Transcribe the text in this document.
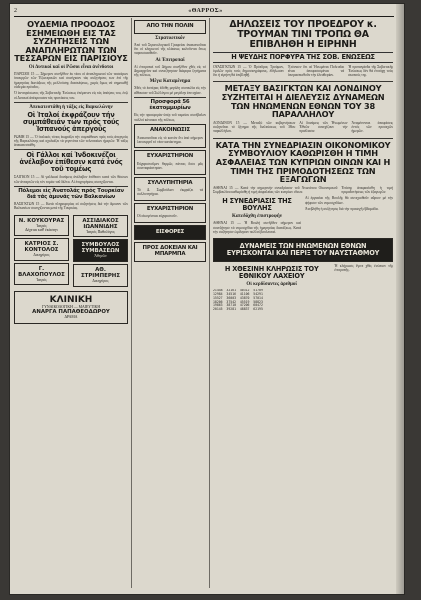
2	«ΘΑΡΡΟΣ»
ΟΥΔΕΜΙΑ ΠΡΟΟΔΟΣ ΕΣΗΜΕΙΩΘΗ ΕΙΣ ΤΑΣ ΣΥΖΗΤΗΣΕΙΣ ΤΩΝ ΑΝΑΠΛΗΡΩΤΩΝ ΤΩΝ ΤΕΣΣΑΡΩΝ ΕΙΣ ΠΑΡΙΣΙΟΥΣ
Οἱ Δυτικοί καί οἱ Ρῶσοι εἶναι ἀνένδοτοι

ΠΑΡΙΣΙΟΙ 15 — Σήμερον συνῆλθον ἐκ νέου οἱ ἀναπληρωταί τῶν τεσσάρων ὑπουργῶν τῶν Ἐξωτερικῶν καί συνέχισαν τάς συζητήσεις των ἐπί τῆς ἡμερησίας διατάξεως τῆς μελλούσης διασκέψεως, χωρίς ὅμως νά σημειωθῇ οὐδεμία πρόοδος.

Ὁ ἀντιπρόσωπος τῆς Σοβιετικῆς Ἑνώσεως ἐπέμεινεν εἰς τάς ἀπόψεις του, ἐνῷ οἱ Δυτικοί ἀπέκρουσαν τάς προτάσεις του.

Ἀπεκατεστάθη ἡ τάξις εἰς Βαρκελώνην
Οἱ Ἰταλοί ἐκφράζουν τήν συμπάθειάν των πρός τούς Ἰσπανούς ἀπεργούς

ΡΩΜΗ 15 — Ὁ ἰταλικός τύπος ἐκφράζει τήν συμπάθειαν πρός τούς ἀπεργούς τῆς Βαρκελώνης καί σχολιάζει τά γεγονότα τῶν τελευταίων ἡμερῶν. Ἡ τάξις ἀπεκατεστάθη.

Οἱ Γάλλοι καί Ἰνδοκινέζοι ἀνέλαβον ἐπίθεσιν κατά ἑνός τοῦ τομέως

ΣΑΙΓΚΟΝ 15 — Αἱ γαλλικαί δυνάμεις ἀνέλαβον ἐπίθεσιν κατά τῶν θέσεων τῶν ἀνταρτῶν εἰς τόν τομέα τοῦ δέλτα. Αἱ ἐπιχειρήσεις συνεχίζονται.

Πόλεμοι εἰς Ἀνατολάς πρός Τουρκίαν διά τάς ἀμυνάς τῶν Βαλκανίων

ΒΑΣΙΓΚΤΩΝ 15 — Κατά πληροφορίας αἱ συζητήσεις διά τήν ἄμυναν τῶν Βαλκανίων συνεχίζονται μετά τῆς Τουρκίας.

Ν. ΚΟΥΚΟΥΡΑΣ
Ἰατρός
Δέχεται καθ' ἑκάστην
ΚΑΤΡΙΟΣ Σ. ΚΟΝΤΟΛΟΣ
Δικηγόρος
Γ. ΒΛΑΧΟΠΟΥΛΟΣ
Ἰατρός
ΑΣΣΙΔΙΑΚΟΣ ΙΩΑΝΝΙΔΗΣ
Ἰατρός Παθολόγος
ΣΥΜΒΟΥΛΟΣ ΣΥΜΒΑΣΕΩΝ
Ἀθηνῶν
ΑΘ. ΣΤΡΙΜΠΕΡΗΣ
Δικηγόρος
ΚΛΙΝΙΚΗ
ΓΥΝΑΙΚΟΛΟΓΙΚΗ — ΜΑΙΕΥΤΙΚΗ
ΑΝΑΡΓΑ ΠΑΠΑΘΕΟΔΩΡΟΥ
ΔΡΑΜΑ
ΑΠΟ ΤΗΝ ΠΟΛΙΝ
Στρατιωτικόν

Ἀπό τοῦ Στρατολογικοῦ Γραφείου ἀνακοινοῦται ὅτι οἱ κληρωτοί τῆς κλάσεως καλοῦνται ὅπως παρουσιασθοῦν.

Αἱ Ἐπιτροπαί

Αἱ ἐπιτροπαί τοῦ Δήμου συνῆλθον χθές εἰς τό Δημαρχεῖον καί συνεζήτησαν διάφορα ζητήματα τῆς πόλεως.

Μέγα Καταμένημα

Χθές τό ἑσπέρας ἐδόθη μεγάλη συναυλία εἰς τήν αἴθουσαν τοῦ Συλλόγου μέ μεγάλην ἐπιτυχίαν.

Προσφορά 56 ἐκατομμυρίων

Εἰς τήν προσφοράν ὑπέρ τοῦ ταμείου συνέβαλον πολλοί κάτοικοι τῆς πόλεως.

ΑΝΑΚΟΙΝΩΣΙΣ

Ἀνακοινοῦται εἰς τό κοινόν ὅτι ἀπό σήμερον λειτουργεῖ τό νέον κατάστημα.

ΕΥΧΑΡΙΣΤΗΡΙΟΝ

Εὐχαριστοῦμεν θερμῶς πάντας ὅσοι μᾶς συνεπαράστησαν.

ΣΥΛΛΥΠΗΤΗΡΙΑ

Τό Δ. Συμβούλιον ἐκφράζει τά συλλυπητήρια.

ΕΥΧΑΡΙΣΤΗΡΙΟΝ

Οἱ οἰκογένειαι εὐχαριστοῦν.

ΕΙΣΦΟΡΕΣ
ΠΡΟΣ ΔΟΚΕΙΑΝ ΚΑΙ ΜΠΑΡΜΠΑ
ΔΗΛΩΣΕΙΣ ΤΟΥ ΠΡΟΕΔΡΟΥ κ. ΤΡΟΥΜΑΝ ΤΙΝΙ ΤΡΟΠΩ ΘΑ ΕΠΙΒΛΗΘΗ Η ΕΙΡΗΝΗ
Η ΨΕΥΔΗΣ ΠΟΡΦΥΡΑ ΤΗΣ ΣΟΒ. ΕΝΩΣΕΩΣ

ΟΥΑΣΙΓΚΤΩΝ 15 — Ὁ Πρόεδρος Τρούμαν, ὁμιλῶν πρός τούς δημοσιογράφους, ἐδήλωσεν ὅτι ἡ εἰρήνη θά ἐπιβληθῇ.

Ἐτόνισεν ὅτι αἱ Ἡνωμέναι Πολιτεῖαι εἶναι ἀποφασισμέναι νά ὑπερασπισθοῦν τήν ἐλευθερίαν.

Ἡ προπαγάνδα τῆς Σοβιετικῆς Ἑνώσεως δέν θά ἐπιτύχῃ τούς σκοπούς της.

ΜΕΤΑΞΥ ΒΑΣΙΓΚΤΩΝ ΚΑΙ ΛΟΝΔΙΝΟΥ ΣΥΖΗΤΕΙΤΑΙ Η ΔΙΕΛΕΥΣΙΣ ΔΥΝΑΜΕΩΝ ΤΩΝ ΗΝΩΜΕΝΩΝ ΕΘΝΩΝ ΤΟΥ 38 ΠΑΡΑΛΛΗΛΟΥ

ΛΟΝΔΙΝΟΝ 15 — Μεταξύ τῶν κυβερνήσεων συζητεῖται τό ζήτημα τῆς διελεύσεως τοῦ 38ου παραλλήλου.

Αἱ δυνάμεις τῶν Ἡνωμένων Ἐθνῶν συνεχίζουν τήν προέλασιν.

Ἀναμένονται ἀποφάσεις ἐντός τῶν προσεχῶν ἡμερῶν.

ΚΑΤΑ ΤΗΝ ΣΥΝΕΔΡΙΑΣΙΝ ΟΙΚΟΝΟΜΙΚΟΥ ΣΥΜΒΟΥΛΙΟΥ ΚΑΘΩΡΙΣΘΗ Η ΤΙΜΗ ΑΣΦΑΛΕΙΑΣ ΤΩΝ ΚΥΠΡΙΩΝ ΟΙΝΩΝ ΚΑΙ Η ΤΙΜΗ ΤΗΣ ΠΡΙΜΟΔΟΤΗΣΕΩΣ ΤΩΝ ΕΞΑΓΩΓΩΝ

ΑΘΗΝΑΙ 15 — Κατά τήν σημερινήν συνεδρίασιν τοῦ Ἀνωτάτου Οἰκονομικοῦ Συμβουλίου καθωρίσθη ἡ τιμή ἀσφαλείας τῶν κυπρίων οἴνων.

Ἐπίσης ἀπεφασίσθη ἡ τιμή πριμοδοτήσεως τῶν ἐξαγωγῶν.

Η ΣΥΝΕΔΡΙΑΣΙΣ ΤΗΣ ΒΟΥΛΗΣ
Κατεδόχθη ἐπιστροφήν

ΑΘΗΝΑΙ 15 — Ἡ Βουλή συνῆλθεν σήμερον καί συνεζήτησε τά νομοσχέδια τῆς ἡμερησίας διατάξεως. Κατά τήν συζήτησιν ὡμίλησαν πολλοί βουλευταί.

Αἱ ἐργασίαι τῆς Βουλῆς θά συνεχισθοῦν αὔριον μέ τήν ψήφισιν τῶν νομοσχεδίων.

Ἀνεβλήθη ἡ συζήτησις διά τήν προσεχῆ ἑβδομάδα.

ΔΥΝΑΜΕΙΣ ΤΩΝ ΗΝΩΜΕΝΩΝ ΕΘΝΩΝ ΕΥΡΙΣΚΟΝΤΑΙ ΚΑΙ ΠΕΡΙΞ ΤΟΥ ΝΑΥΣΤΑΘΜΟΥ
Η ΧΘΕΣΙΝΗ ΚΛΗΡΩΣΙΣ ΤΟΥ ΕΘΝΙΚΟΥ ΛΑΧΕΙΟΥ
Οἱ κερδίσαντες ἀριθμοί
21448  32161  40312  51709
12984  34516  41106  54291
15527  36003  43870  57014
18206  37542  45519  58823
19863  38710  47206  60472
20145  39281  48837  62195

Ἡ κλήρωσις ἔγινε χθές ἐνώπιον τῆς ἐπιτροπῆς.
